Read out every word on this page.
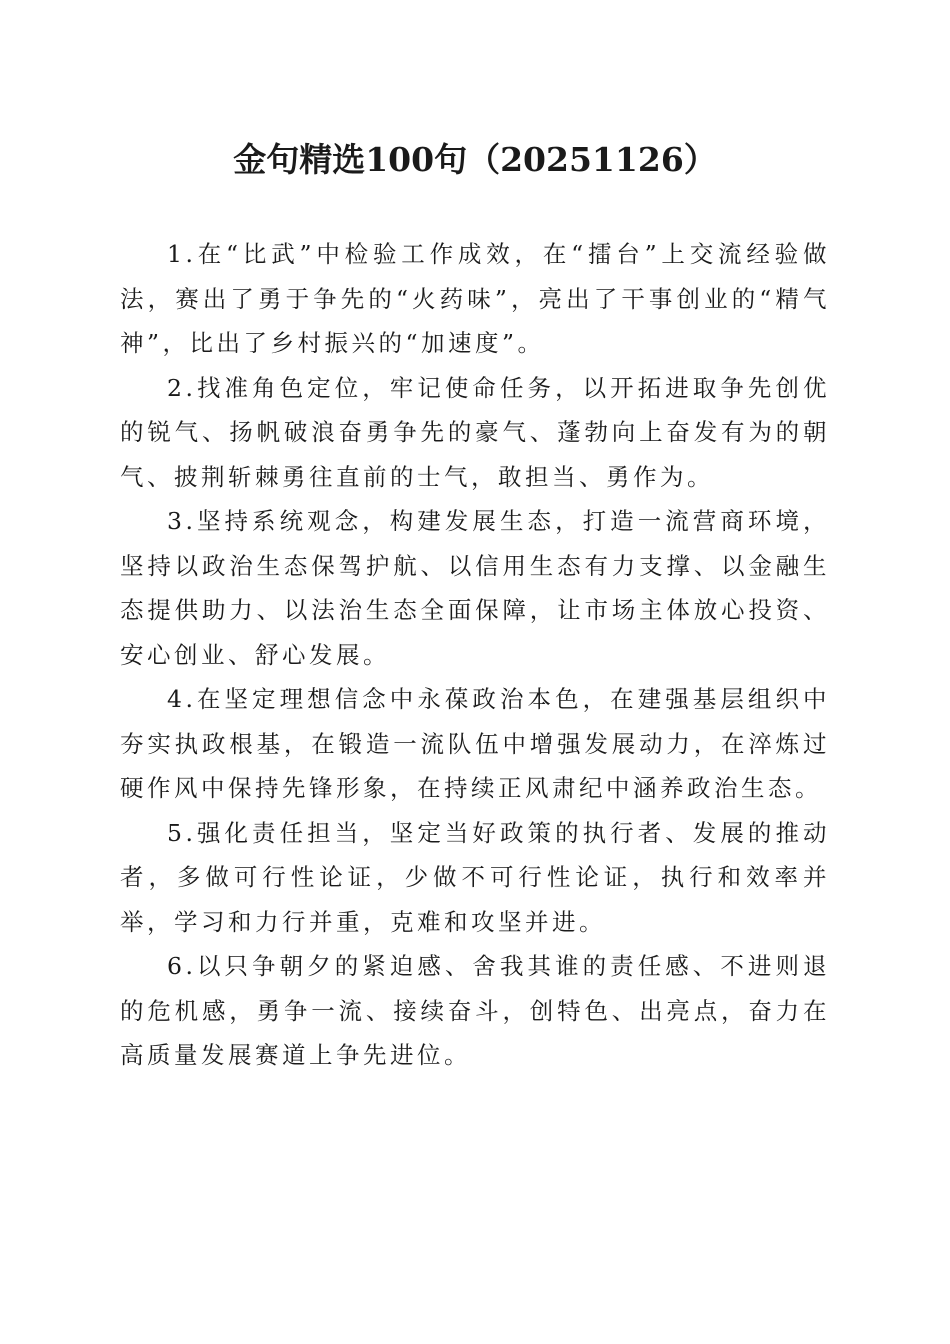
金句精选100句（20251126）

1.在“比武”中检验工作成效，在“擂台”上交流经验做法，赛出了勇于争先的“火药味”，亮出了干事创业的“精气神”，比出了乡村振兴的“加速度”。

2.找准角色定位，牢记使命任务，以开拓进取争先创优的锐气、扬帆破浪奋勇争先的豪气、蓬勃向上奋发有为的朝气、披荆斩棘勇往直前的士气，敢担当、勇作为。

3.坚持系统观念，构建发展生态，打造一流营商环境，坚持以政治生态保驾护航、以信用生态有力支撑、以金融生态提供助力、以法治生态全面保障，让市场主体放心投资、安心创业、舒心发展。

4.在坚定理想信念中永葆政治本色，在建强基层组织中夯实执政根基，在锻造一流队伍中增强发展动力，在淬炼过硬作风中保持先锋形象，在持续正风肃纪中涵养政治生态。

5.强化责任担当，坚定当好政策的执行者、发展的推动者，多做可行性论证，少做不可行性论证，执行和效率并举，学习和力行并重，克难和攻坚并进。

6.以只争朝夕的紧迫感、舍我其谁的责任感、不进则退的危机感，勇争一流、接续奋斗，创特色、出亮点，奋力在高质量发展赛道上争先进位。
